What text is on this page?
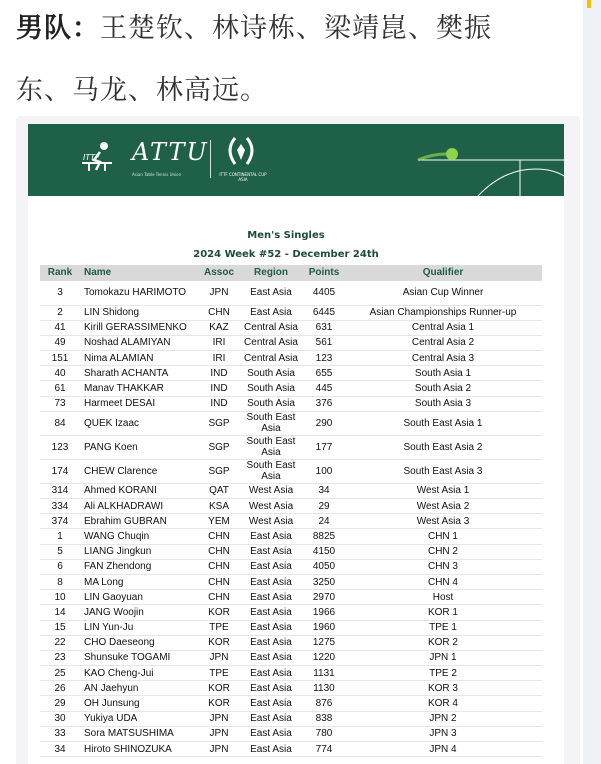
男队：王楚钦、林诗栋、梁靖崑、樊振
东、马龙、林高远。
ITTF ATTU
Asian Table Tennis Union	ITTF CONTINENTAL CUP
ASIA
Men's Singles
2024 Week #52 - December 24th
Rank	Name	Assoc	Region	Points	Qualifier
3	Tomokazu HARIMOTO	JPN	East Asia	4405	Asian Cup Winner
2	LIN Shidong	CHN	East Asia	6445	Asian Championships Runner-up
41	Kirill GERASSIMENKO	KAZ	Central Asia	631	Central Asia 1
49	Noshad ALAMIYAN	IRI	Central Asia	561	Central Asia 2
151	Nima ALAMIAN	IRI	Central Asia	123	Central Asia 3
40	Sharath ACHANTA	IND	South Asia	655	South Asia 1
61	Manav THAKKAR	IND	South Asia	445	South Asia 2
73	Harmeet DESAI	IND	South Asia	376	South Asia 3
84	QUEK Izaac	SGP	South East Asia	290	South East Asia 1
123	PANG Koen	SGP	South East Asia	177	South East Asia 2
174	CHEW Clarence	SGP	South East Asia	100	South East Asia 3
314	Ahmed KORANI	QAT	West Asia	34	West Asia 1
334	Ali ALKHADRAWI	KSA	West Asia	29	West Asia 2
374	Ebrahim GUBRAN	YEM	West Asia	24	West Asia 3
1	WANG Chuqin	CHN	East Asia	8825	CHN 1
5	LIANG Jingkun	CHN	East Asia	4150	CHN 2
6	FAN Zhendong	CHN	East Asia	4050	CHN 3
8	MA Long	CHN	East Asia	3250	CHN 4
10	LIN Gaoyuan	CHN	East Asia	2970	Host
14	JANG Woojin	KOR	East Asia	1966	KOR 1
15	LIN Yun-Ju	TPE	East Asia	1960	TPE 1
22	CHO Daeseong	KOR	East Asia	1275	KOR 2
23	Shunsuke TOGAMI	JPN	East Asia	1220	JPN 1
25	KAO Cheng-Jui	TPE	East Asia	1131	TPE 2
26	AN Jaehyun	KOR	East Asia	1130	KOR 3
29	OH Junsung	KOR	East Asia	876	KOR 4
30	Yukiya UDA	JPN	East Asia	838	JPN 2
33	Sora MATSUSHIMA	JPN	East Asia	780	JPN 3
34	Hiroto SHINOZUKA	JPN	East Asia	774	JPN 4
